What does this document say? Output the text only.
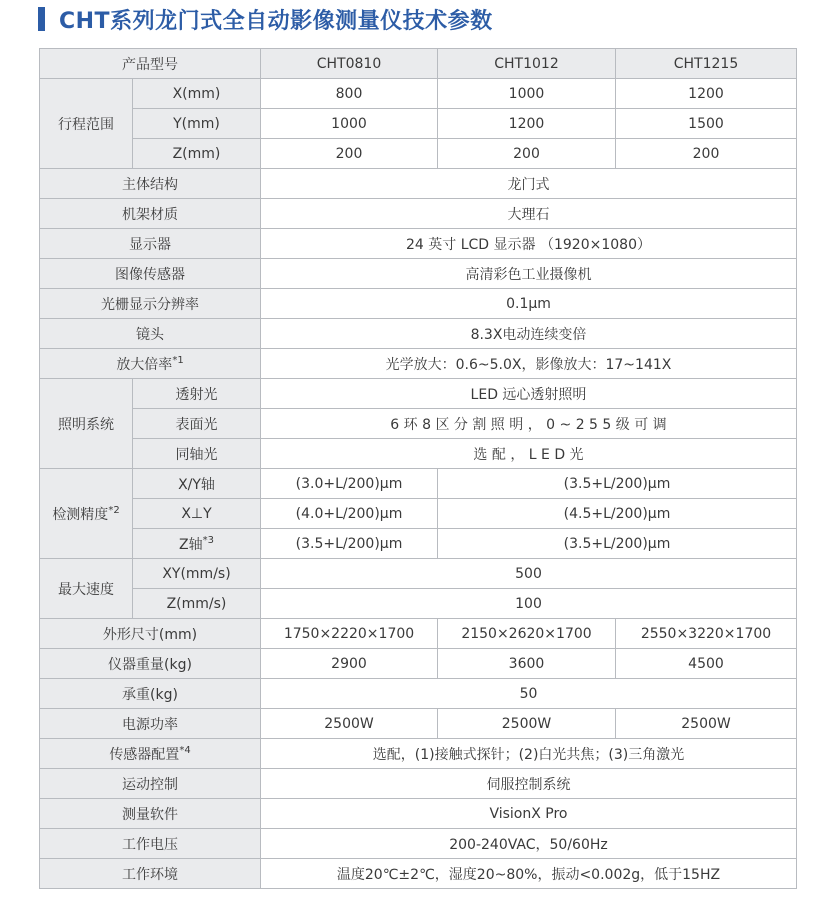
CHT系列龙门式全自动影像测量仪技术参数
产品型号		CHT0810	CHT1012	CHT1215
行程范围	X(mm)	800	1000	1200
	Y(mm)	1000	1200	1500
	Z(mm)	200	200	200
主体结构		龙门式		
机架材质		大理石		
显示器		24 英寸 LCD 显示器 （1920×1080）		
图像传感器		高清彩色工业摄像机		
光栅显示分辨率		0.1μm		
镜头		8.3X电动连续变倍		
放大倍率$^{*1}$		光学放大：0.6~5.0X，影像放大：17~141X		
照明系统	透射光	LED 远心透射照明		
	表面光	6 环 8 区 分 割 照 明 ， 0 ~ 2 5 5 级 可 调		
	同轴光	选 配 ， L E D 光		
检测精度$^{*2}$	X/Y轴	(3.0+L/200)μm	(3.5+L/200)μm	
	X⊥Y	(4.0+L/200)μm	(4.5+L/200)μm	
	Z轴$^{*3}$	(3.5+L/200)μm	(3.5+L/200)μm	
最大速度	XY(mm/s)	500		
	Z(mm/s)	100		
外形尺寸(mm)		1750×2220×1700	2150×2620×1700	2550×3220×1700
仪器重量(kg)		2900	3600	4500
承重(kg)		50		
电源功率		2500W	2500W	2500W
传感器配置$^{*4}$		选配，(1)接触式探针；(2)白光共焦；(3)三角激光		
运动控制		伺服控制系统		
测量软件		VisionX Pro		
工作电压		200-240VAC，50/60Hz		
工作环境		温度20℃±2℃，湿度20~80%，振动<0.002g，低于15HZ		
